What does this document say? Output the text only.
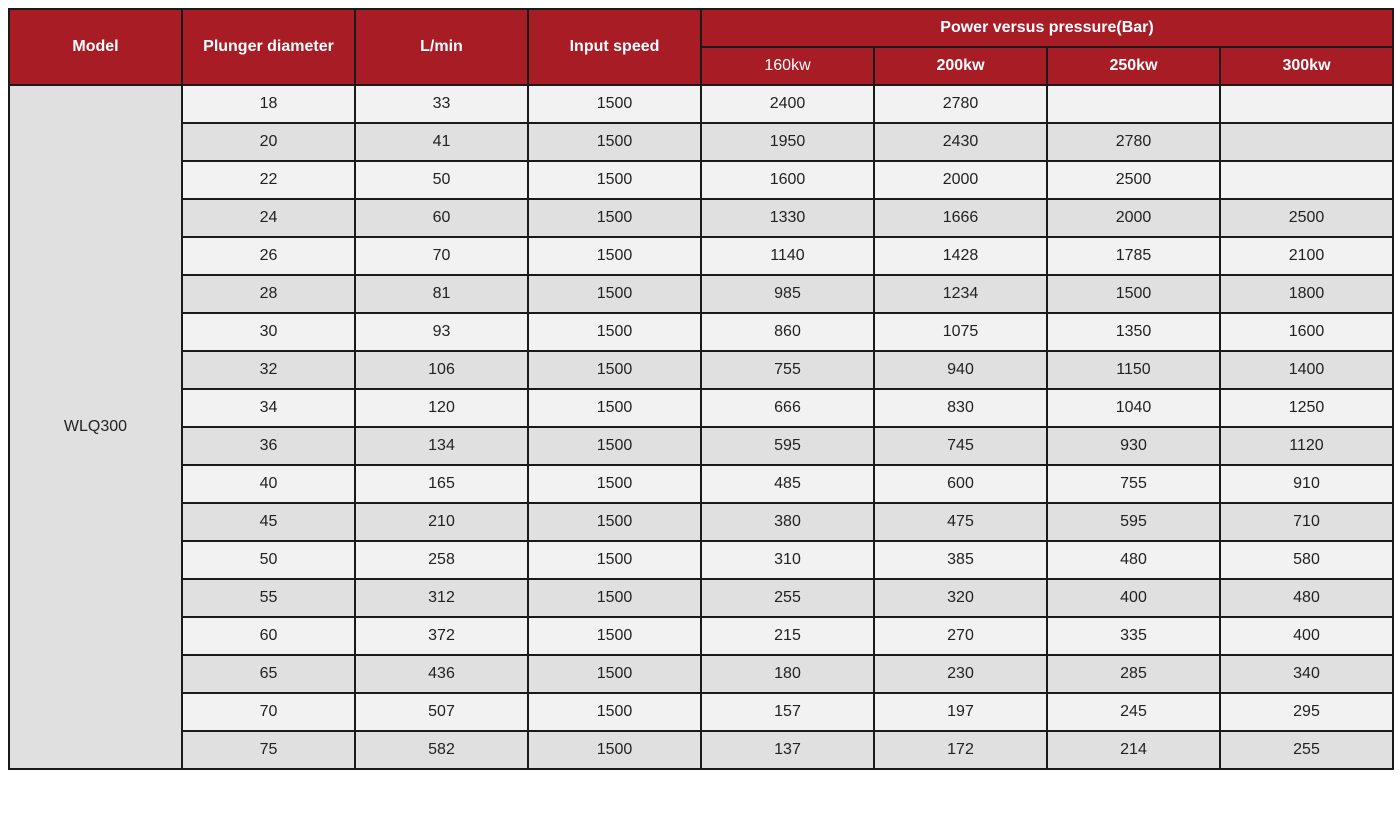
Model	Plunger diameter	L/min	Input speed	Power versus pressure(Bar)			
				160kw	200kw	250kw	300kw
WLQ300	18	33	1500	2400	2780		
	20	41	1500	1950	2430	2780	
	22	50	1500	1600	2000	2500	
	24	60	1500	1330	1666	2000	2500
	26	70	1500	1140	1428	1785	2100
	28	81	1500	985	1234	1500	1800
	30	93	1500	860	1075	1350	1600
	32	106	1500	755	940	1150	1400
	34	120	1500	666	830	1040	1250
	36	134	1500	595	745	930	1120
	40	165	1500	485	600	755	910
	45	210	1500	380	475	595	710
	50	258	1500	310	385	480	580
	55	312	1500	255	320	400	480
	60	372	1500	215	270	335	400
	65	436	1500	180	230	285	340
	70	507	1500	157	197	245	295
	75	582	1500	137	172	214	255
